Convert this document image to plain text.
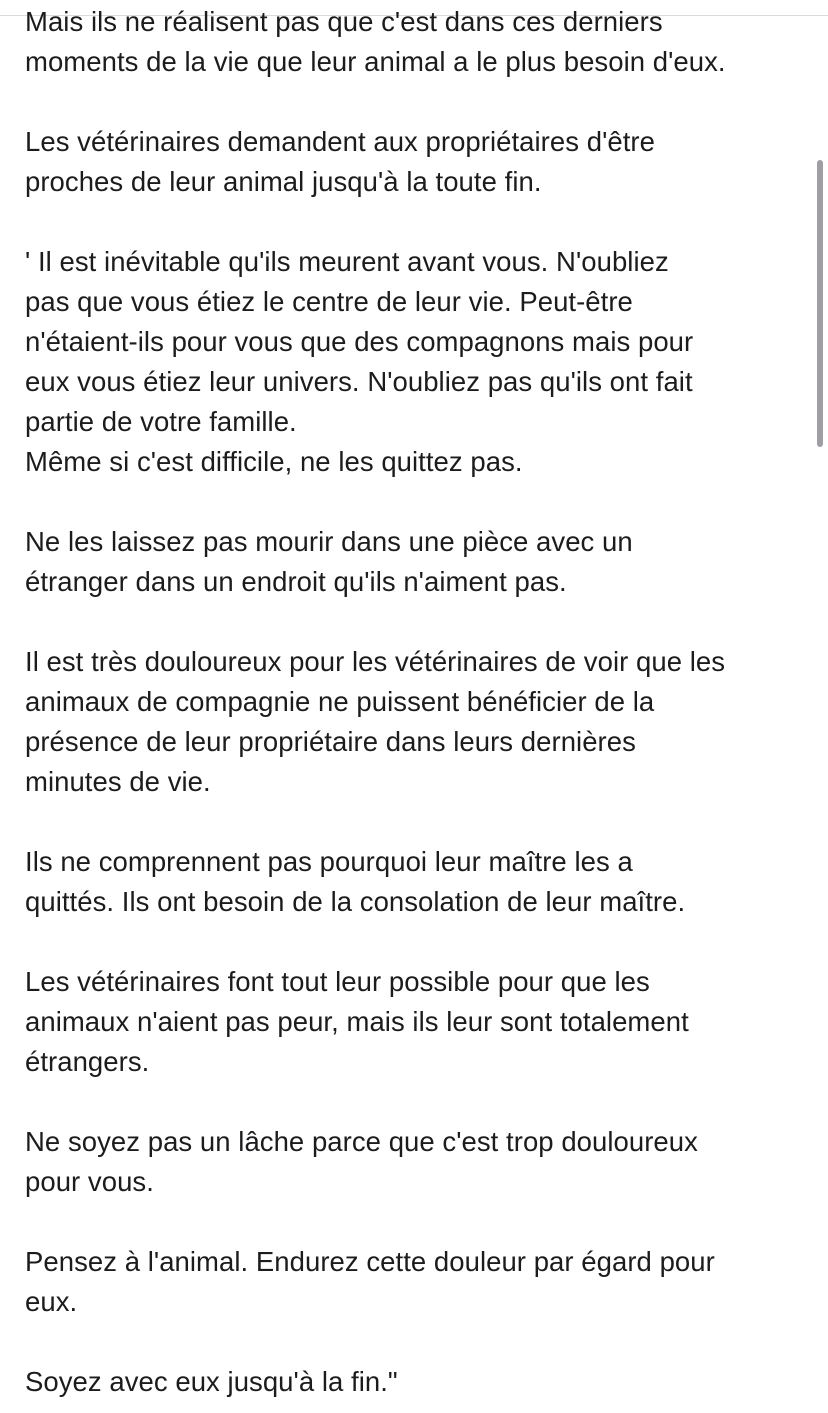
Mais ils ne réalisent pas que c'est dans ces derniers
moments de la vie que leur animal a le plus besoin d'eux.
Les vétérinaires demandent aux propriétaires d'être
proches de leur animal jusqu'à la toute fin.
' Il est inévitable qu'ils meurent avant vous. N'oubliez
pas que vous étiez le centre de leur vie. Peut-être
n'étaient-ils pour vous que des compagnons mais pour
eux vous étiez leur univers. N'oubliez pas qu'ils ont fait
partie de votre famille.
Même si c'est difficile, ne les quittez pas.
Ne les laissez pas mourir dans une pièce avec un
étranger dans un endroit qu'ils n'aiment pas.
Il est très douloureux pour les vétérinaires de voir que les
animaux de compagnie ne puissent bénéficier de la
présence de leur propriétaire dans leurs dernières
minutes de vie.
Ils ne comprennent pas pourquoi leur maître les a
quittés. Ils ont besoin de la consolation de leur maître.
Les vétérinaires font tout leur possible pour que les
animaux n'aient pas peur, mais ils leur sont totalement
étrangers.
Ne soyez pas un lâche parce que c'est trop douloureux
pour vous.
Pensez à l'animal. Endurez cette douleur par égard pour
eux.
Soyez avec eux jusqu'à la fin."
